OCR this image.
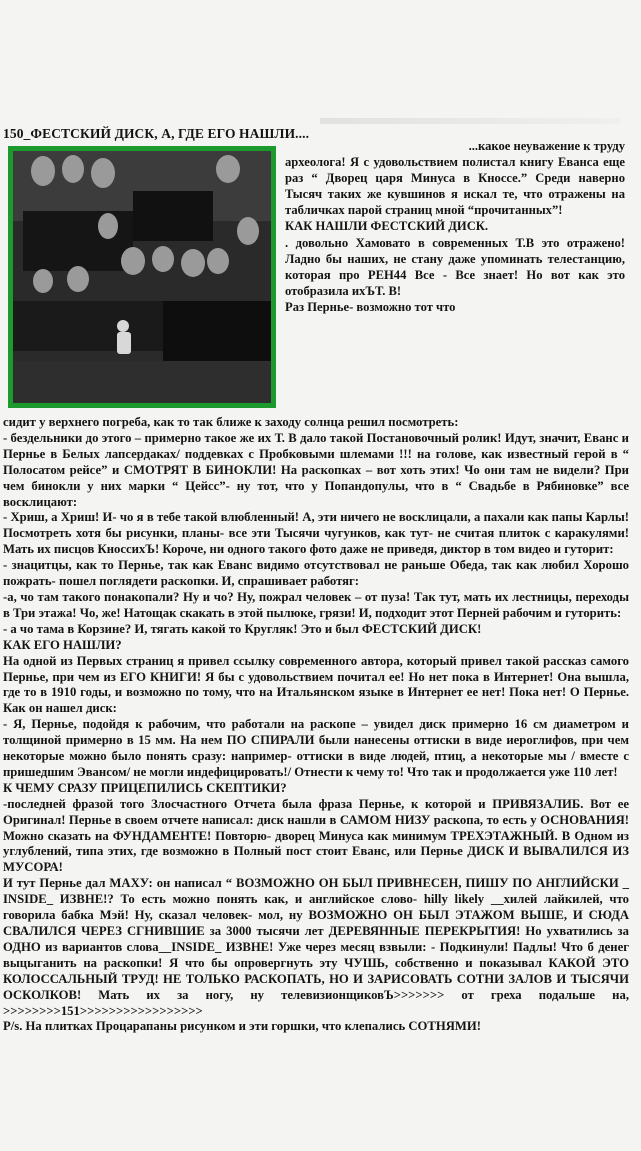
150_ФЕСТСКИЙ ДИСК, А, ГДЕ ЕГО НАШЛИ....

...какое неуважение к труду

археолога! Я с удовольствием полистал книгу Еванса еще раз “ Дворец царя Минуса в Кноссе.” Среди наверно Тысяч таких же кувшинов я искал те, что отражены на табличках парой страниц мной “прочитанных”!

КАК НАШЛИ ФЕСТСКИЙ ДИСК.

. довольно Хамовато в современных Т.В это отражено! Ладно бы наших, не стану даже упоминать телестанцию, которая про РЕН44 Все - Все знает! Но вот как это отобразила ихЪТ. В!

Раз Пернье- возможно тот что

сидит у верхнего погреба, как то так ближе к заходу солнца решил посмотреть:

- бездельники до этого – примерно такое же их Т. В дало такой Постановочный ролик! Идут, значит, Еванс и Пернье в Белых лапсердаках/ поддевках с Пробковыми шлемами !!! на голове, как известный герой в “ Полосатом рейсе” и СМОТРЯТ В БИНОКЛИ! На раскопках – вот хоть этих! Чо они там не видели? При чем бинокли у них марки “ Цейсс”- ну тот, что у Попандопулы, что в “ Свадьбе в Рябиновке” все восклицают:

- Хриш, а Хриш! И- чо я в тебе такой влюбленный! А, эти ничего не восклицали, а пахали как папы Карлы! Посмотреть хотя бы рисунки, планы- все эти Тысячи чугунков, как тут- не считая плиток с каракулями! Мать их писцов КноссихЪ! Короче, ни одного такого фото даже не приведя, диктор в том видео и гуторит:

- знацитцы, как то Пернье, так как Еванс видимо отсутствовал не раньше Обеда, так как любил Хорошо пожрать- пошел поглядети раскопки. И, спрашивает работяг:

-а, чо там такого понакопали? Ну и чо? Ну, пожрал человек – от пуза! Так тут, мать их лестницы, переходы в Три этажа! Чо, же! Натощак скакать в этой пылюке, грязи! И, подходит этот Перней рабочим и гуторить:

- а чо тама в Корзине? И, тягать какой то Кругляк! Это и был ФЕСТСКИЙ ДИСК!

КАК ЕГО НАШЛИ?

На одной из Первых страниц я привел ссылку современного автора, который привел такой рассказ самого Пернье, при чем из ЕГО КНИГИ! Я бы с удовольствием почитал ее! Но нет пока в Интернет! Она вышла, где то в 1910 годы, и возможно по тому, что на Итальянском языке в Интернет ее нет! Пока нет! О Пернье. Как он нашел диск:

- Я, Пернье, подойдя к рабочим, что работали на раскопе – увидел диск примерно 16 см диаметром и толщиной примерно в 15 мм. На нем ПО СПИРАЛИ были нанесены оттиски в виде иероглифов, при чем некоторые можно было понять сразу: например- оттиски в виде людей, птиц, а некоторые мы / вместе с пришедшим Эвансом/ не могли индефицировать!/ Отнести к чему то! Что так и продолжается уже 110 лет!

К ЧЕМУ СРАЗУ ПРИЦЕПИЛИСЬ СКЕПТИКИ?

-последней фразой того Злосчастного Отчета была фраза Пернье, к которой и ПРИВЯЗАЛИБ. Вот ее Оригинал! Пернье в своем отчете написал: диск нашли в САМОМ НИЗУ раскопа, то есть у ОСНОВАНИЯ! Можно сказать на ФУНДАМЕНТЕ! Повторю- дворец Минуса как минимум ТРЕХЭТАЖНЫЙ. В Одном из углублений, типа этих, где возможно в Полный пост стоит Еванс, или Пернье ДИСК И ВЫВАЛИЛСЯ ИЗ МУСОРА!

И тут Пернье дал МАХУ: он написал “ ВОЗМОЖНО ОН БЫЛ ПРИВНЕСЕН, ПИШУ ПО АНГЛИЙСКИ _ INSIDE_ ИЗВНЕ!? То есть можно понять как, и английское слово- hilly likely __хилей лайкилей, что говорила бабка Мэй! Ну, сказал человек- мол, ну ВОЗМОЖНО ОН БЫЛ ЭТАЖОМ ВЫШЕ, И СЮДА СВАЛИЛСЯ ЧЕРЕЗ СГНИВШИЕ за 3000 тысячи лет ДЕРЕВЯННЫЕ ПЕРЕКРЫТИЯ! Но ухватились за ОДНО из вариантов слова__INSIDE_ ИЗВНЕ! Уже через месяц взвыли: - Подкинули! Падлы! Что б денег выцыганить на раскопки! Я что бы опровергнуть эту ЧУШЬ, собственно и показывал КАКОЙ ЭТО КОЛОССАЛЬНЫЙ ТРУД! НЕ ТОЛЬКО РАСКОПАТЬ, НО И ЗАРИСОВАТЬ СОТНИ ЗАЛОВ И ТЫСЯЧИ ОСКОЛКОВ! Мать их за ногу, ну телевизионщиковЪ>>>>>>> от греха подальше на, >>>>>>>>151>>>>>>>>>>>>>>>>>

P/s. На плитках Процарапаны рисунком и эти горшки, что клепались СОТНЯМИ!
